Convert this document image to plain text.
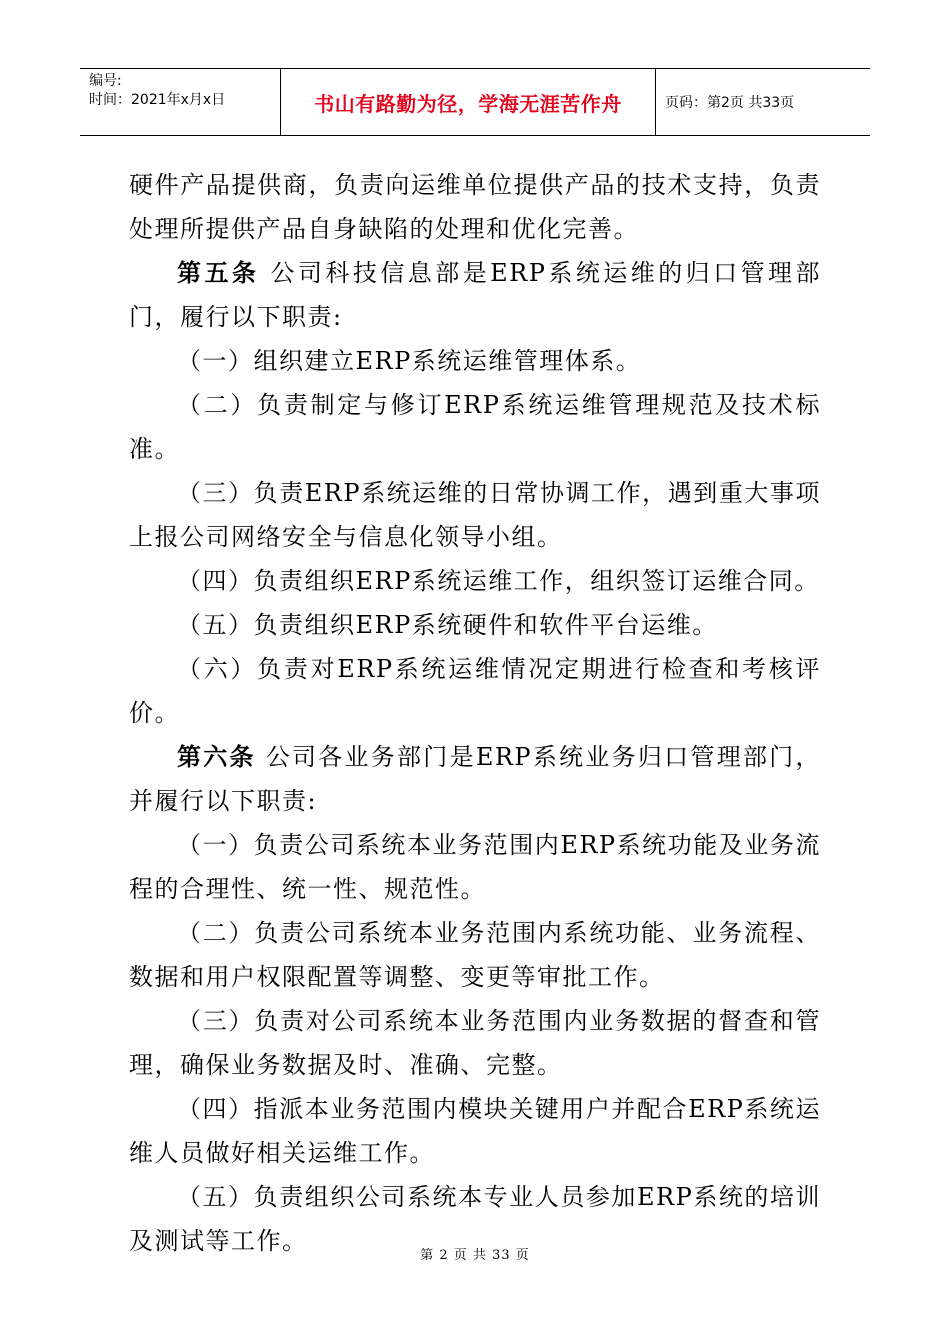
编号:
时间：2021年x月x日	书山有路勤为径，学海无涯苦作舟	页码：第2页 共33页
硬件产品提供商，负责向运维单位提供产品的技术支持，负责处理所提供产品自身缺陷的处理和优化完善。
第五条 公司科技信息部是ERP系统运维的归口管理部门，履行以下职责:
（一）组织建立ERP系统运维管理体系。
（二）负责制定与修订ERP系统运维管理规范及技术标准。
（三）负责ERP系统运维的日常协调工作，遇到重大事项上报公司网络安全与信息化领导小组。
（四）负责组织ERP系统运维工作，组织签订运维合同。
（五）负责组织ERP系统硬件和软件平台运维。
（六）负责对ERP系统运维情况定期进行检查和考核评价。
第六条 公司各业务部门是ERP系统业务归口管理部门，并履行以下职责:
（一）负责公司系统本业务范围内ERP系统功能及业务流程的合理性、统一性、规范性。
（二）负责公司系统本业务范围内系统功能、业务流程、数据和用户权限配置等调整、变更等审批工作。
（三）负责对公司系统本业务范围内业务数据的督查和管理，确保业务数据及时、准确、完整。
（四）指派本业务范围内模块关键用户并配合ERP系统运维人员做好相关运维工作。
（五）负责组织公司系统本专业人员参加ERP系统的培训及测试等工作。
第 2 页 共 33 页
